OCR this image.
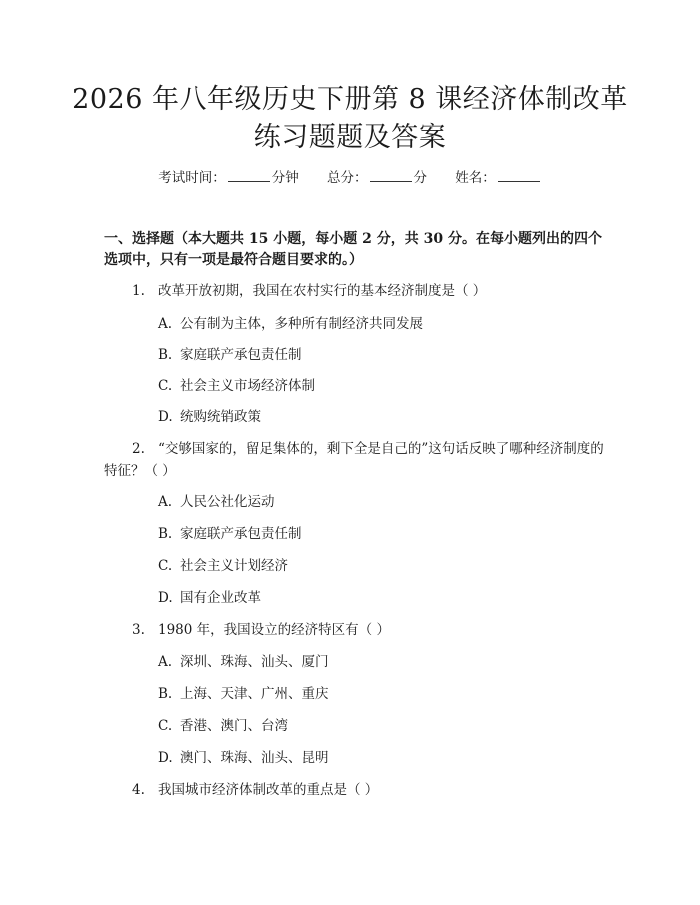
2026 年八年级历史下册第 8 课经济体制改革
练习题题及答案
考试时间：	分钟 总分：	分 姓名：
一、选择题（本大题共 15 小题，每小题 2 分，共 30 分。在每小题列出的四个选项中，只有一项是最符合题目要求的。）
1. 改革开放初期，我国在农村实行的基本经济制度是（ ）
A. 公有制为主体，多种所有制经济共同发展
B. 家庭联产承包责任制
C. 社会主义市场经济体制
D. 统购统销政策
2. “交够国家的，留足集体的，剩下全是自己的”这句话反映了哪种经济制度的特征？（ ）
A. 人民公社化运动
B. 家庭联产承包责任制
C. 社会主义计划经济
D. 国有企业改革
3. 1980 年，我国设立的经济特区有（ ）
A. 深圳、珠海、汕头、厦门
B. 上海、天津、广州、重庆
C. 香港、澳门、台湾
D. 澳门、珠海、汕头、昆明
4. 我国城市经济体制改革的重点是（ ）
